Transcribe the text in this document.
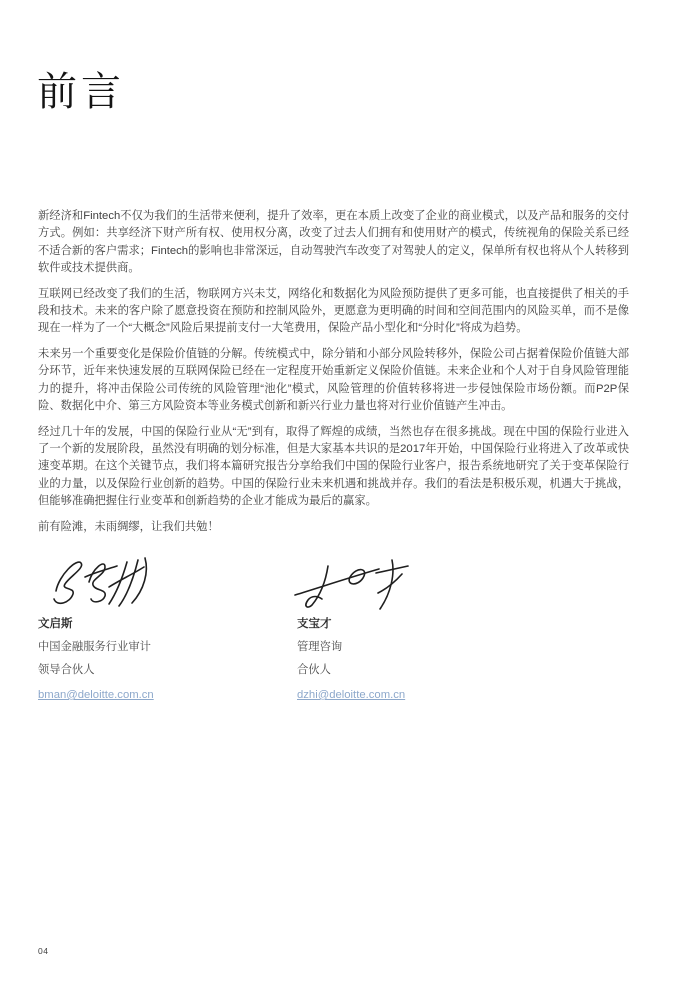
前言

新经济和Fintech不仅为我们的生活带来便利，提升了效率，更在本质上改变了企业的商业模式，以及产品和服务的交付方式。例如：共享经济下财产所有权、使用权分离，改变了过去人们拥有和使用财产的模式，传统视角的保险关系已经不适合新的客户需求；Fintech的影响也非常深远，自动驾驶汽车改变了对驾驶人的定义，保单所有权也将从个人转移到软件或技术提供商。

互联网已经改变了我们的生活，物联网方兴未艾，网络化和数据化为风险预防提供了更多可能，也直接提供了相关的手段和技术。未来的客户除了愿意投资在预防和控制风险外，更愿意为更明确的时间和空间范围内的风险买单，而不是像现在一样为了一个“大概念”风险后果提前支付一大笔费用，保险产品小型化和“分时化”将成为趋势。

未来另一个重要变化是保险价值链的分解。传统模式中，除分销和小部分风险转移外，保险公司占据着保险价值链大部分环节，近年来快速发展的互联网保险已经在一定程度开始重新定义保险价值链。未来企业和个人对于自身风险管理能力的提升，将冲击保险公司传统的风险管理“池化”模式，风险管理的价值转移将进一步侵蚀保险市场份额。而P2P保险、数据化中介、第三方风险资本等业务模式创新和新兴行业力量也将对行业价值链产生冲击。

经过几十年的发展，中国的保险行业从“无”到有，取得了辉煌的成绩，当然也存在很多挑战。现在中国的保险行业进入了一个新的发展阶段，虽然没有明确的划分标准，但是大家基本共识的是2017年开始，中国保险行业将进入了改革或快速变革期。在这个关键节点，我们将本篇研究报告分享给我们中国的保险行业客户，报告系统地研究了关于变革保险行业的力量，以及保险行业创新的趋势。中国的保险行业未来机遇和挑战并存。我们的看法是积极乐观，机遇大于挑战，但能够准确把握住行业变革和创新趋势的企业才能成为最后的赢家。

前有险滩，未雨绸缪，让我们共勉！

文启斯
中国金融服务行业审计
领导合伙人
bman@deloitte.com.cn
支宝才
管理咨询
合伙人
dzhi@deloitte.com.cn
04
